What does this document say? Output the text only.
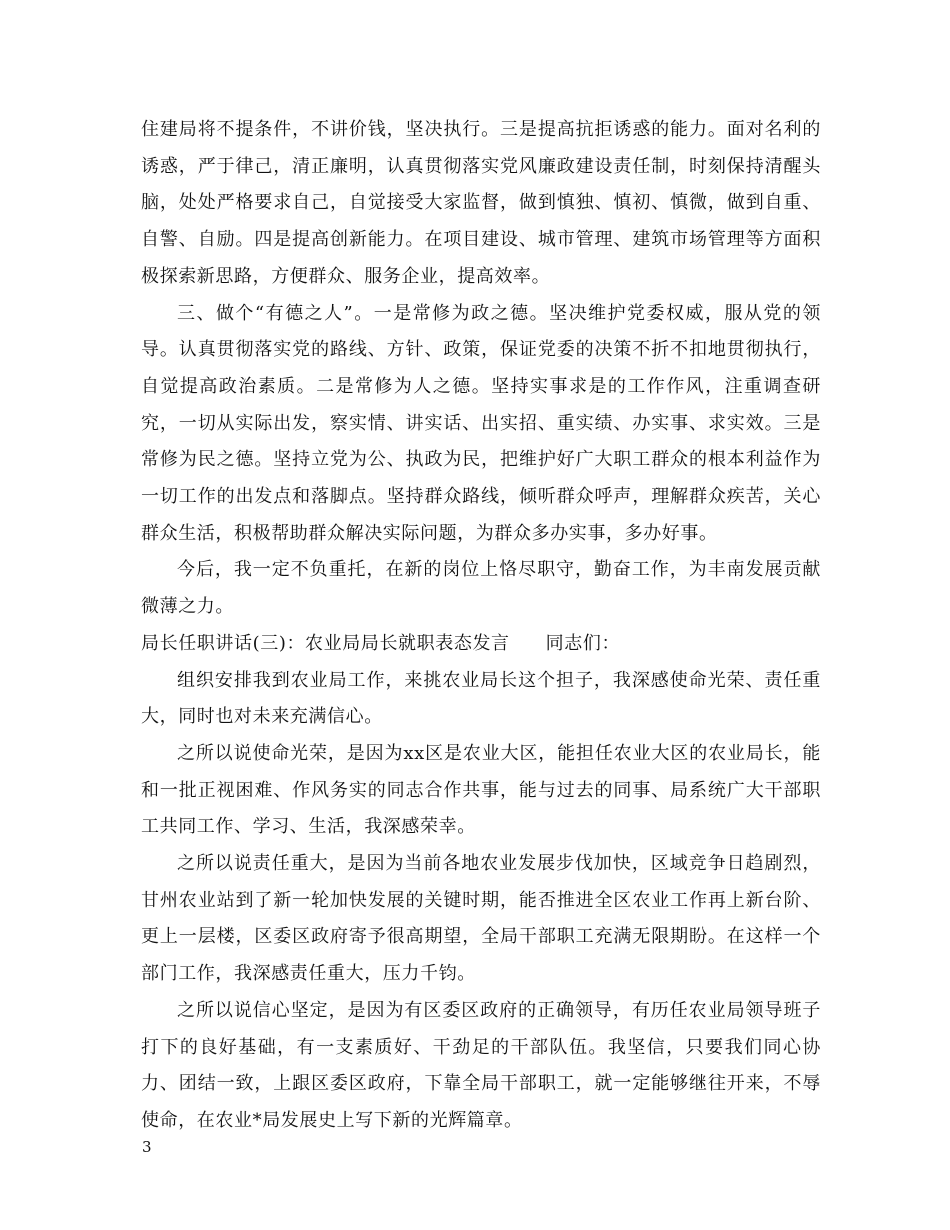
住建局将不提条件，不讲价钱，坚决执行。三是提高抗拒诱惑的能力。面对名利的诱惑，严于律己，清正廉明，认真贯彻落实党风廉政建设责任制，时刻保持清醒头脑，处处严格要求自己，自觉接受大家监督，做到慎独、慎初、慎微，做到自重、自警、自励。四是提高创新能力。在项目建设、城市管理、建筑市场管理等方面积极探索新思路，方便群众、服务企业，提高效率。

三、做个“有德之人”。一是常修为政之德。坚决维护党委权威，服从党的领导。认真贯彻落实党的路线、方针、政策，保证党委的决策不折不扣地贯彻执行，自觉提高政治素质。二是常修为人之德。坚持实事求是的工作作风，注重调查研究，一切从实际出发，察实情、讲实话、出实招、重实绩、办实事、求实效。三是常修为民之德。坚持立党为公、执政为民，把维护好广大职工群众的根本利益作为一切工作的出发点和落脚点。坚持群众路线，倾听群众呼声，理解群众疾苦，关心群众生活，积极帮助群众解决实际问题，为群众多办实事，多办好事。

今后，我一定不负重托，在新的岗位上恪尽职守，勤奋工作，为丰南发展贡献微薄之力。

局长任职讲话(三)：农业局局长就职表态发言 同志们：

组织安排我到农业局工作，来挑农业局长这个担子，我深感使命光荣、责任重大，同时也对未来充满信心。

之所以说使命光荣，是因为xx区是农业大区，能担任农业大区的农业局长，能和一批正视困难、作风务实的同志合作共事，能与过去的同事、局系统广大干部职工共同工作、学习、生活，我深感荣幸。

之所以说责任重大，是因为当前各地农业发展步伐加快，区域竞争日趋剧烈，甘州农业站到了新一轮加快发展的关键时期，能否推进全区农业工作再上新台阶、更上一层楼，区委区政府寄予很高期望，全局干部职工充满无限期盼。在这样一个部门工作，我深感责任重大，压力千钧。

之所以说信心坚定，是因为有区委区政府的正确领导，有历任农业局领导班子打下的良好基础，有一支素质好、干劲足的干部队伍。我坚信，只要我们同心协力、团结一致，上跟区委区政府，下靠全局干部职工，就一定能够继往开来，不辱使命，在农业*局发展史上写下新的光辉篇章。

3
